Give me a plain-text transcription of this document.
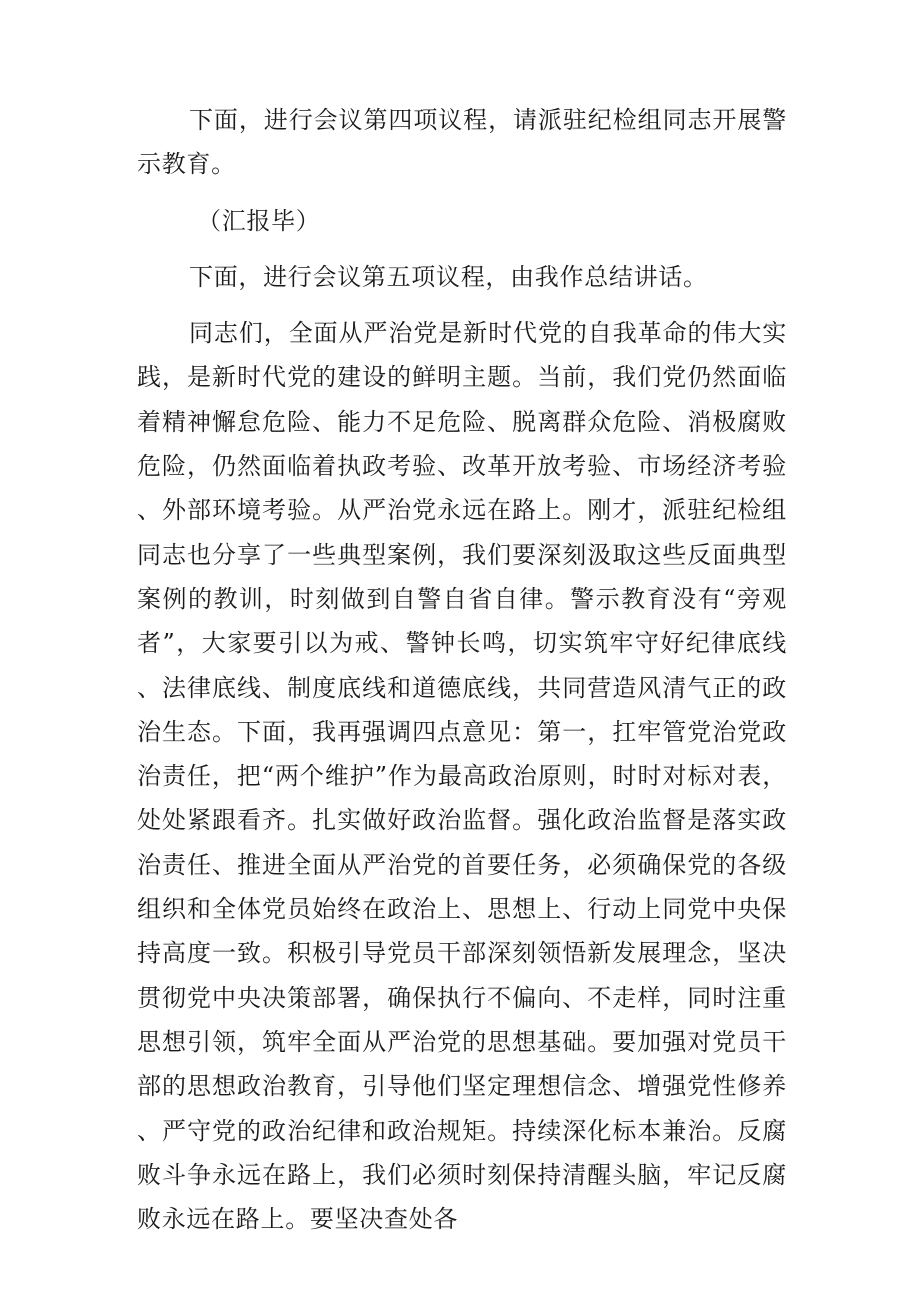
下面，进行会议第四项议程，请派驻纪检组同志开展警示教育。

（汇报毕）

下面，进行会议第五项议程，由我作总结讲话。

同志们，全面从严治党是新时代党的自我革命的伟大实践，是新时代党的建设的鲜明主题。当前，我们党仍然面临着精神懈怠危险、能力不足危险、脱离群众危险、消极腐败危险，仍然面临着执政考验、改革开放考验、市场经济考验、外部环境考验。从严治党永远在路上。刚才，派驻纪检组同志也分享了一些典型案例，我们要深刻汲取这些反面典型案例的教训，时刻做到自警自省自律。警示教育没有“旁观者”，大家要引以为戒、警钟长鸣，切实筑牢守好纪律底线、法律底线、制度底线和道德底线，共同营造风清气正的政治生态。下面，我再强调四点意见：第一，扛牢管党治党政治责任，把“两个维护”作为最高政治原则，时时对标对表，处处紧跟看齐。扎实做好政治监督。强化政治监督是落实政治责任、推进全面从严治党的首要任务，必须确保党的各级组织和全体党员始终在政治上、思想上、行动上同党中央保持高度一致。积极引导党员干部深刻领悟新发展理念，坚决贯彻党中央决策部署，确保执行不偏向、不走样，同时注重思想引领，筑牢全面从严治党的思想基础。要加强对党员干部的思想政治教育，引导他们坚定理想信念、增强党性修养、严守党的政治纪律和政治规矩。持续深化标本兼治。反腐败斗争永远在路上，我们必须时刻保持清醒头脑，牢记反腐败永远在路上。要坚决查处各
